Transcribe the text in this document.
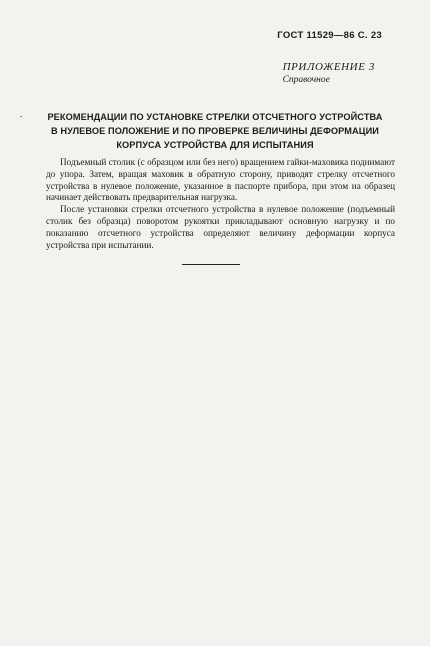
ГОСТ 11529—86 С. 23
ПРИЛОЖЕНИЕ 3
Справочное
РЕКОМЕНДАЦИИ ПО УСТАНОВКЕ СТРЕЛКИ ОТСЧЕТНОГО УСТРОЙСТВА
В НУЛЕВОЕ ПОЛОЖЕНИЕ И ПО ПРОВЕРКЕ ВЕЛИЧИНЫ ДЕФОРМАЦИИ
КОРПУСА УСТРОЙСТВА ДЛЯ ИСПЫТАНИЯ

Подъемный столик (с образцом или без него) вращением гайки-маховика поднимают до упора. Затем, вращая маховик в обратную сторону, приводят стрелку отсчетного устройства в нулевое положение, указанное в паспорте прибора, при этом на образец начинает действовать предварительная нагрузка.

После установки стрелки отсчетного устройства в нулевое положение (подъемный столик без образца) поворотом рукоятки прикладывают основную нагрузку и по показанию отсчетного устройства определяют величину деформации корпуса устройства при испытании.
